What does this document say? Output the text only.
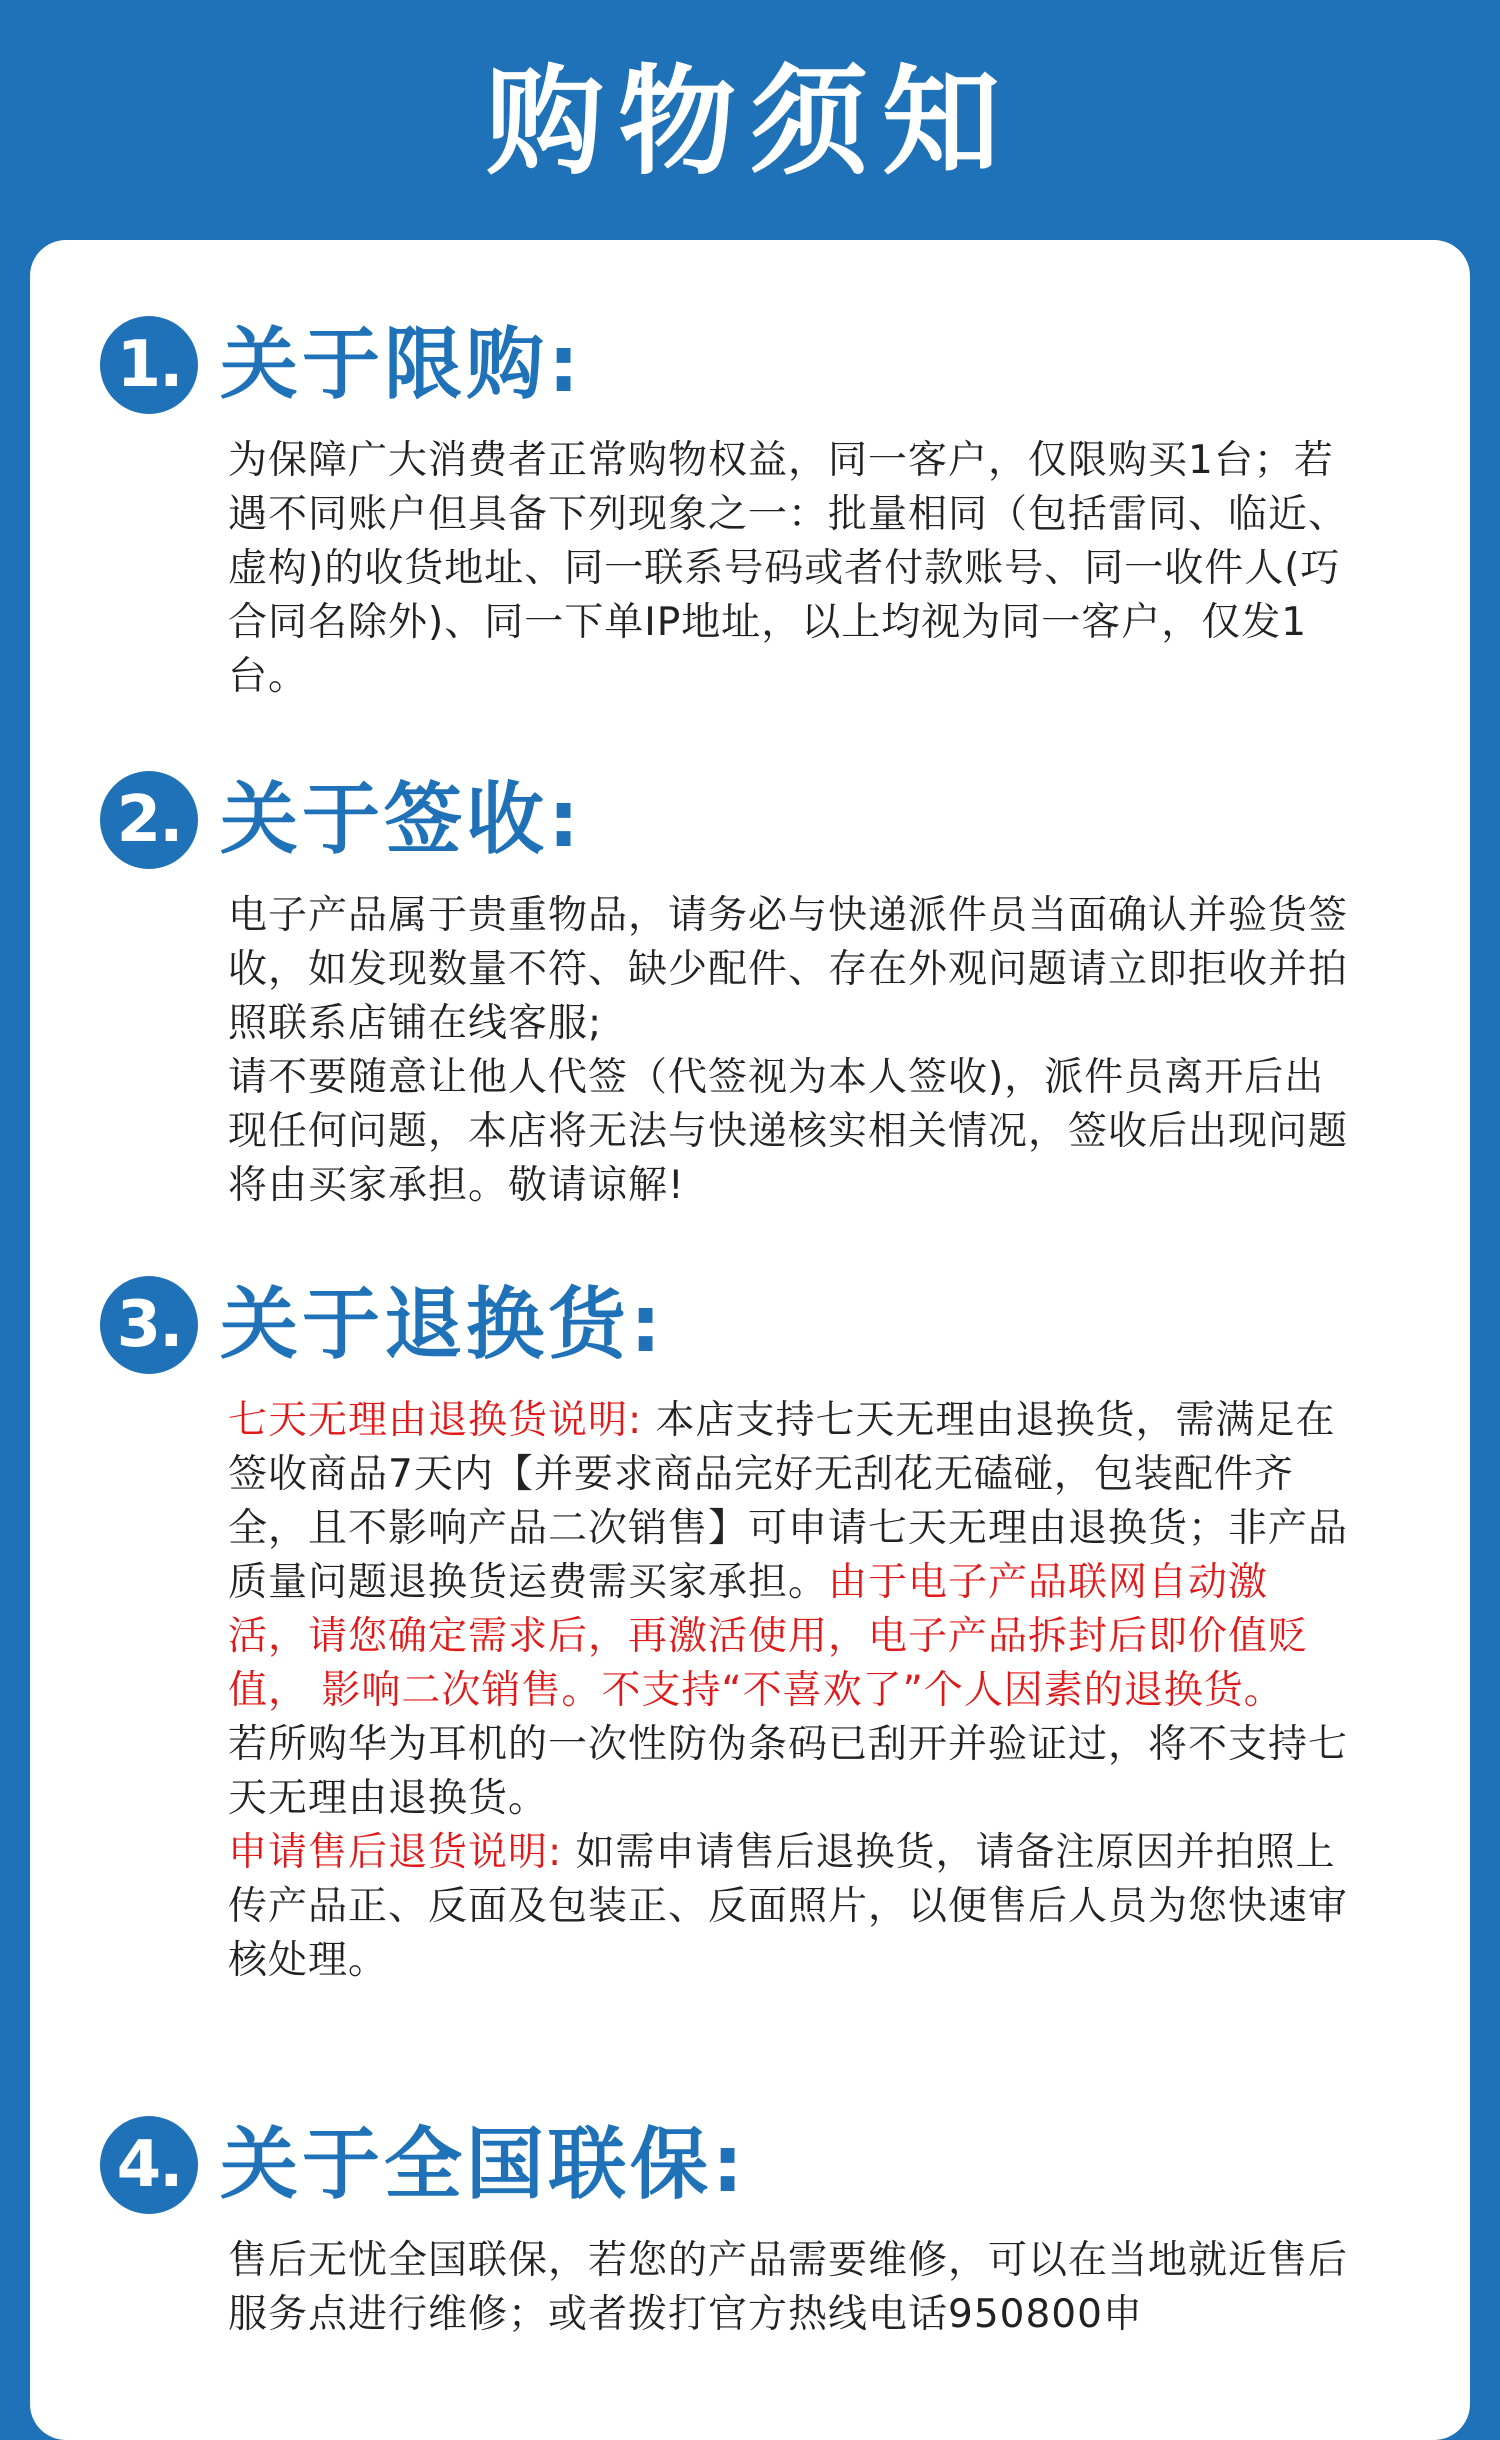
购物须知
1. 关于限购:

为保障广大消费者正常购物权益，同一客户，仅限购买1台；若遇不同账户但具备下列现象之一：批量相同（包括雷同、临近、虚构)的收货地址、同一联系号码或者付款账号、同一收件人(巧合同名除外)、同一下单IP地址，以上均视为同一客户，仅发1台。

2. 关于签收:

电子产品属于贵重物品，请务必与快递派件员当面确认并验货签收，如发现数量不符、缺少配件、存在外观问题请立即拒收并拍照联系店铺在线客服;

请不要随意让他人代签（代签视为本人签收)，派件员离开后出现任何问题，本店将无法与快递核实相关情况，签收后出现问题将由买家承担。敬请谅解!

3. 关于退换货:

七天无理由退换货说明: 本店支持七天无理由退换货，需满足在签收商品7天内【并要求商品完好无刮花无磕碰，包装配件齐全，且不影响产品二次销售】可申请七天无理由退换货；非产品质量问题退换货运费需买家承担。由于电子产品联网自动激活，请您确定需求后，再激活使用，电子产品拆封后即价值贬值， 影响二次销售。不支持“不喜欢了”个人因素的退换货。

若所购华为耳机的一次性防伪条码已刮开并验证过，将不支持七天无理由退换货。

申请售后退货说明: 如需申请售后退换货，请备注原因并拍照上传产品正、反面及包装正、反面照片，以便售后人员为您快速审核处理。

4. 关于全国联保:

售后无忧全国联保，若您的产品需要维修，可以在当地就近售后服务点进行维修；或者拨打官方热线电话950800申
